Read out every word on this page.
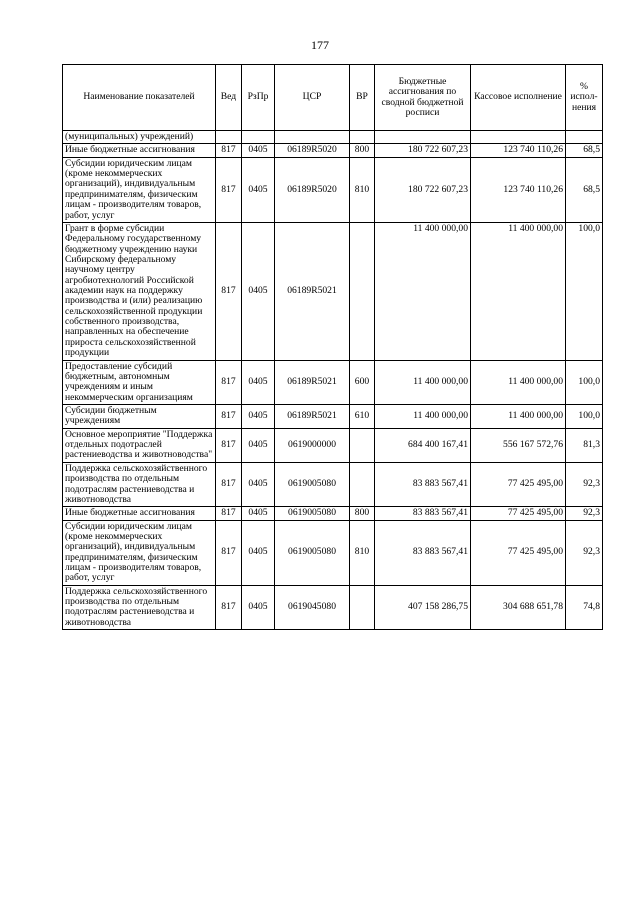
177
Наименование показателей	Вед	РзПр	ЦСР	ВР	Бюджетные ассигнования по сводной бюджетной росписи	Кассовое исполнение	% испол-нения
(муниципальных) учреждений)							
Иные бюджетные ассигнования	817	0405	06189R5020	800	180 722 607,23	123 740 110,26	68,5
Субсидии юридическим лицам (кроме некоммерческих организаций), индивидуальным предпринимателям, физическим лицам - производителям товаров, работ, услуг	817	0405	06189R5020	810	180 722 607,23	123 740 110,26	68,5
Грант в форме субсидии Федеральному государственному бюджетному учреждению науки Сибирскому федеральному научному центру агробиотехнологий Российской академии наук на поддержку производства и (или) реализацию сельскохозяйственной продукции собственного производства, направленных на обеспечение прироста сельскохозяйственной продукции	817	0405	06189R5021		11 400 000,00	11 400 000,00	100,0
Предоставление субсидий бюджетным, автономным учреждениям и иным некоммерческим организациям	817	0405	06189R5021	600	11 400 000,00	11 400 000,00	100,0
Субсидии бюджетным учреждениям	817	0405	06189R5021	610	11 400 000,00	11 400 000,00	100,0
Основное мероприятие "Поддержка отдельных подотраслей растениеводства и животноводства"	817	0405	0619000000		684 400 167,41	556 167 572,76	81,3
Поддержка сельскохозяйственного производства по отдельным подотраслям растениеводства и животноводства	817	0405	0619005080		83 883 567,41	77 425 495,00	92,3
Иные бюджетные ассигнования	817	0405	0619005080	800	83 883 567,41	77 425 495,00	92,3
Субсидии юридическим лицам (кроме некоммерческих организаций), индивидуальным предпринимателям, физическим лицам - производителям товаров, работ, услуг	817	0405	0619005080	810	83 883 567,41	77 425 495,00	92,3
Поддержка сельскохозяйственного производства по отдельным подотраслям растениеводства и животноводства	817	0405	0619045080		407 158 286,75	304 688 651,78	74,8
